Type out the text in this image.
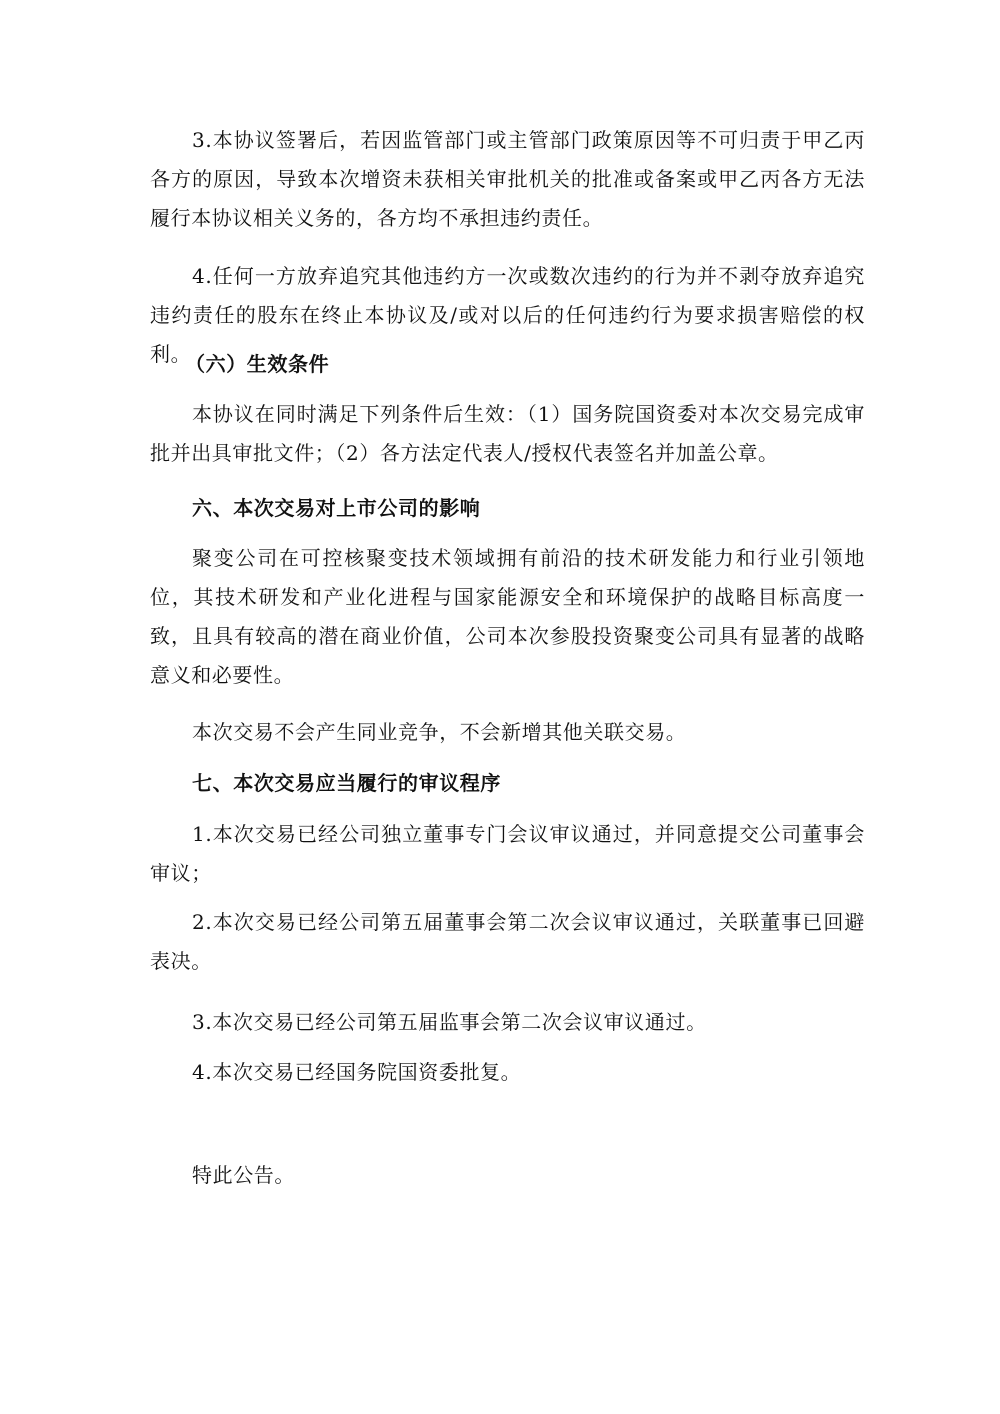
3.本协议签署后，若因监管部门或主管部门政策原因等不可归责于甲乙丙各方的原因，导致本次增资未获相关审批机关的批准或备案或甲乙丙各方无法履行本协议相关义务的，各方均不承担违约责任。

4.任何一方放弃追究其他违约方一次或数次违约的行为并不剥夺放弃追究违约责任的股东在终止本协议及/或对以后的任何违约行为要求损害赔偿的权利。

（六）生效条件

本协议在同时满足下列条件后生效：（1）国务院国资委对本次交易完成审批并出具审批文件；（2）各方法定代表人/授权代表签名并加盖公章。

六、本次交易对上市公司的影响

聚变公司在可控核聚变技术领域拥有前沿的技术研发能力和行业引领地位，其技术研发和产业化进程与国家能源安全和环境保护的战略目标高度一致，且具有较高的潜在商业价值，公司本次参股投资聚变公司具有显著的战略意义和必要性。

本次交易不会产生同业竞争，不会新增其他关联交易。

七、本次交易应当履行的审议程序

1.本次交易已经公司独立董事专门会议审议通过，并同意提交公司董事会审议；

2.本次交易已经公司第五届董事会第二次会议审议通过，关联董事已回避表决。

3.本次交易已经公司第五届监事会第二次会议审议通过。

4.本次交易已经国务院国资委批复。

特此公告。
